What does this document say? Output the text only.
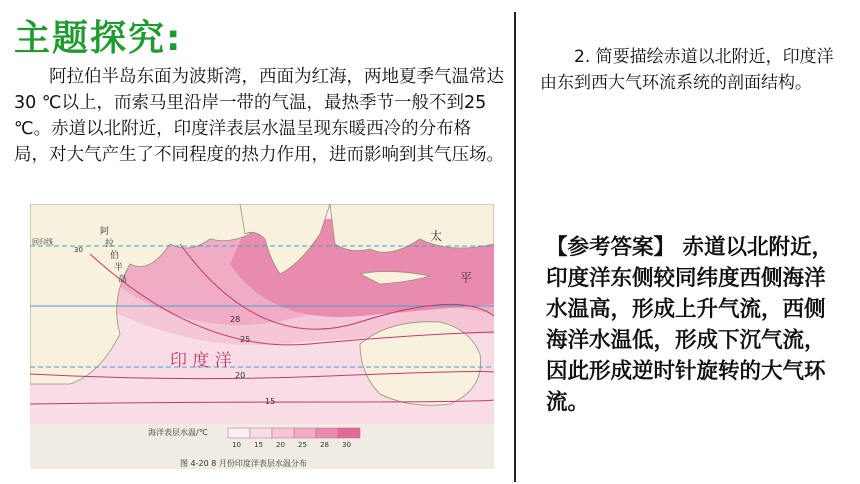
主题探究:

阿拉伯半岛东面为波斯湾，西面为红海，两地夏季气温常达30 ℃以上，而索马里沿岸一带的气温，最热季节一般不到25 ℃。赤道以北附近，印度洋表层水温呈现东暖西冷的分布格局，对大气产生了不同程度的热力作用，进而影响到其气压场。

2. 简要描绘赤道以北附近，印度洋由东到西大气环流系统的剖面结构。

【参考答案】 赤道以北附近，印度洋东侧较同纬度西侧海洋水温高，形成上升气流，西侧海洋水温低，形成下沉气流，因此形成逆时针旋转的大气环流。

回归线
28
25
20
15
印 度 洋
阿
拉
伯
半
岛
太
平
30
海洋表层水温/℃
10 15 20 25 28 30
图 4-20 8 月份印度洋表层水温分布
